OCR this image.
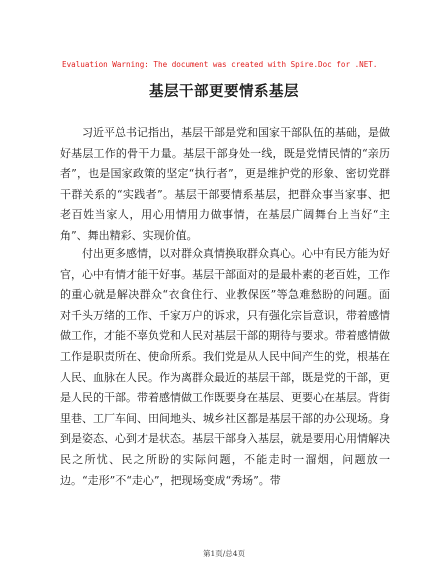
Evaluation Warning: The document was created with Spire.Doc for .NET.
基层干部更要情系基层

习近平总书记指出，基层干部是党和国家干部队伍的基础，是做好基层工作的骨干力量。基层干部身处一线，既是党情民情的“亲历者”，也是国家政策的坚定“执行者”，更是维护党的形象、密切党群干群关系的“实践者”。基层干部要情系基层，把群众事当家事、把老百姓当家人，用心用情用力做事情，在基层广阔舞台上当好“主角”、舞出精彩、实现价值。

付出更多感情，以对群众真情换取群众真心。心中有民方能为好官，心中有情才能干好事。基层干部面对的是最朴素的老百姓，工作的重心就是解决群众“衣食住行、业教保医”等急难愁盼的问题。面对千头万绪的工作、千家万户的诉求，只有强化宗旨意识，带着感情做工作，才能不辜负党和人民对基层干部的期待与要求。带着感情做工作是职责所在、使命所系。我们党是从人民中间产生的党，根基在人民、血脉在人民。作为离群众最近的基层干部，既是党的干部，更是人民的干部。带着感情做工作既要身在基层、更要心在基层。背街里巷、工厂车间、田间地头、城乡社区都是基层干部的办公现场。身到是姿态、心到才是状态。基层干部身入基层，就是要用心用情解决民之所忧、民之所盼的实际问题，不能走时一溜烟，问题放一边。“走形”不“走心”，把现场变成“秀场”。带

第1页/总4页
